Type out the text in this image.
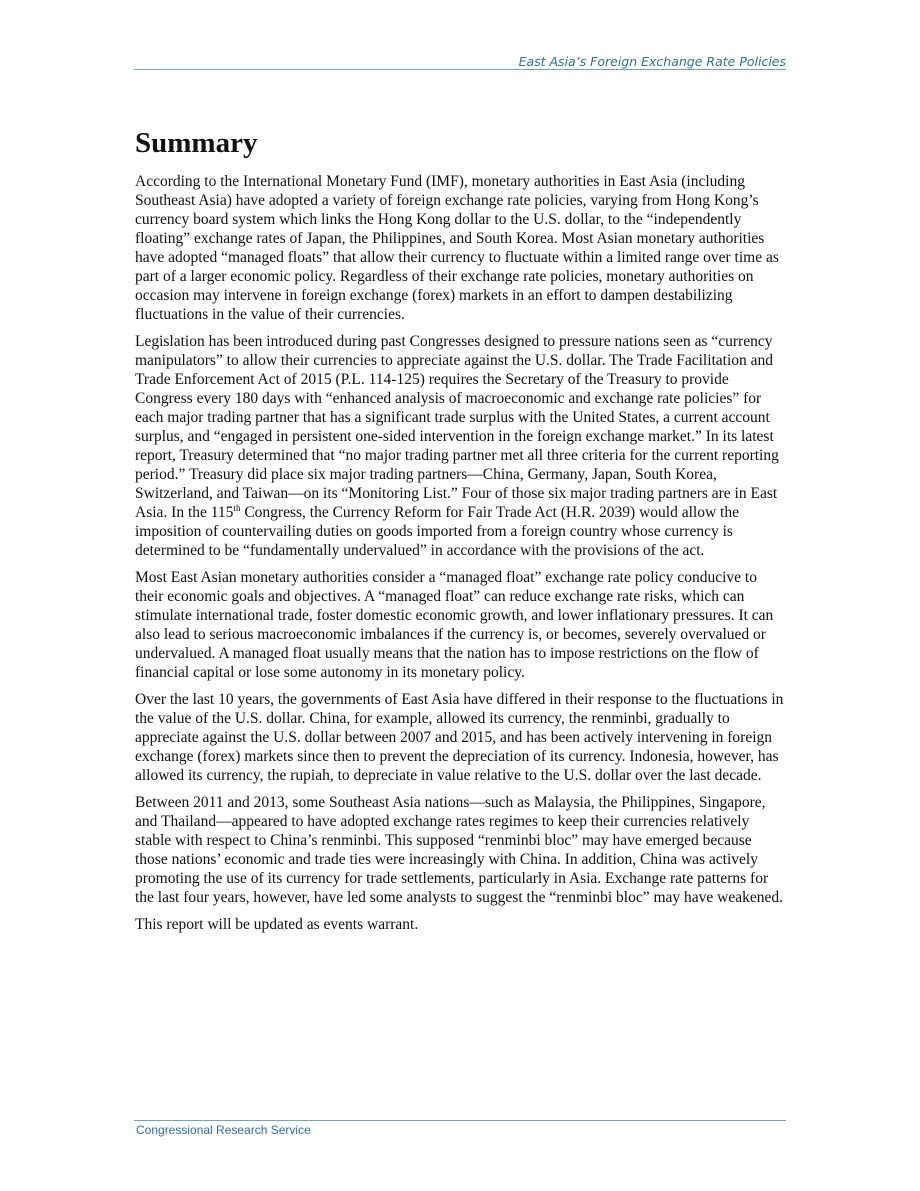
East Asia’s Foreign Exchange Rate Policies
Summary

According to the International Monetary Fund (IMF), monetary authorities in East Asia (including Southeast Asia) have adopted a variety of foreign exchange rate policies, varying from Hong Kong’s currency board system which links the Hong Kong dollar to the U.S. dollar, to the “independently floating” exchange rates of Japan, the Philippines, and South Korea. Most Asian monetary authorities have adopted “managed floats” that allow their currency to fluctuate within a limited range over time as part of a larger economic policy. Regardless of their exchange rate policies, monetary authorities on occasion may intervene in foreign exchange (forex) markets in an effort to dampen destabilizing fluctuations in the value of their currencies.

Legislation has been introduced during past Congresses designed to pressure nations seen as “currency manipulators” to allow their currencies to appreciate against the U.S. dollar. The Trade Facilitation and Trade Enforcement Act of 2015 (P.L. 114-125) requires the Secretary of the Treasury to provide Congress every 180 days with “enhanced analysis of macroeconomic and exchange rate policies” for each major trading partner that has a significant trade surplus with the United States, a current account surplus, and “engaged in persistent one-sided intervention in the foreign exchange market.” In its latest report, Treasury determined that “no major trading partner met all three criteria for the current reporting period.” Treasury did place six major trading partners—China, Germany, Japan, South Korea, Switzerland, and Taiwan—on its “Monitoring List.” Four of those six major trading partners are in East Asia. In the 115th Congress, the Currency Reform for Fair Trade Act (H.R. 2039) would allow the imposition of countervailing duties on goods imported from a foreign country whose currency is determined to be “fundamentally undervalued” in accordance with the provisions of the act.

Most East Asian monetary authorities consider a “managed float” exchange rate policy conducive to their economic goals and objectives. A “managed float” can reduce exchange rate risks, which can stimulate international trade, foster domestic economic growth, and lower inflationary pressures. It can also lead to serious macroeconomic imbalances if the currency is, or becomes, severely overvalued or undervalued. A managed float usually means that the nation has to impose restrictions on the flow of financial capital or lose some autonomy in its monetary policy.

Over the last 10 years, the governments of East Asia have differed in their response to the fluctuations in the value of the U.S. dollar. China, for example, allowed its currency, the renminbi, gradually to appreciate against the U.S. dollar between 2007 and 2015, and has been actively intervening in foreign exchange (forex) markets since then to prevent the depreciation of its currency. Indonesia, however, has allowed its currency, the rupiah, to depreciate in value relative to the U.S. dollar over the last decade.

Between 2011 and 2013, some Southeast Asia nations—such as Malaysia, the Philippines, Singapore, and Thailand—appeared to have adopted exchange rates regimes to keep their currencies relatively stable with respect to China’s renminbi. This supposed “renminbi bloc” may have emerged because those nations’ economic and trade ties were increasingly with China. In addition, China was actively promoting the use of its currency for trade settlements, particularly in Asia. Exchange rate patterns for the last four years, however, have led some analysts to suggest the “renminbi bloc” may have weakened.

This report will be updated as events warrant.

Congressional Research Service
